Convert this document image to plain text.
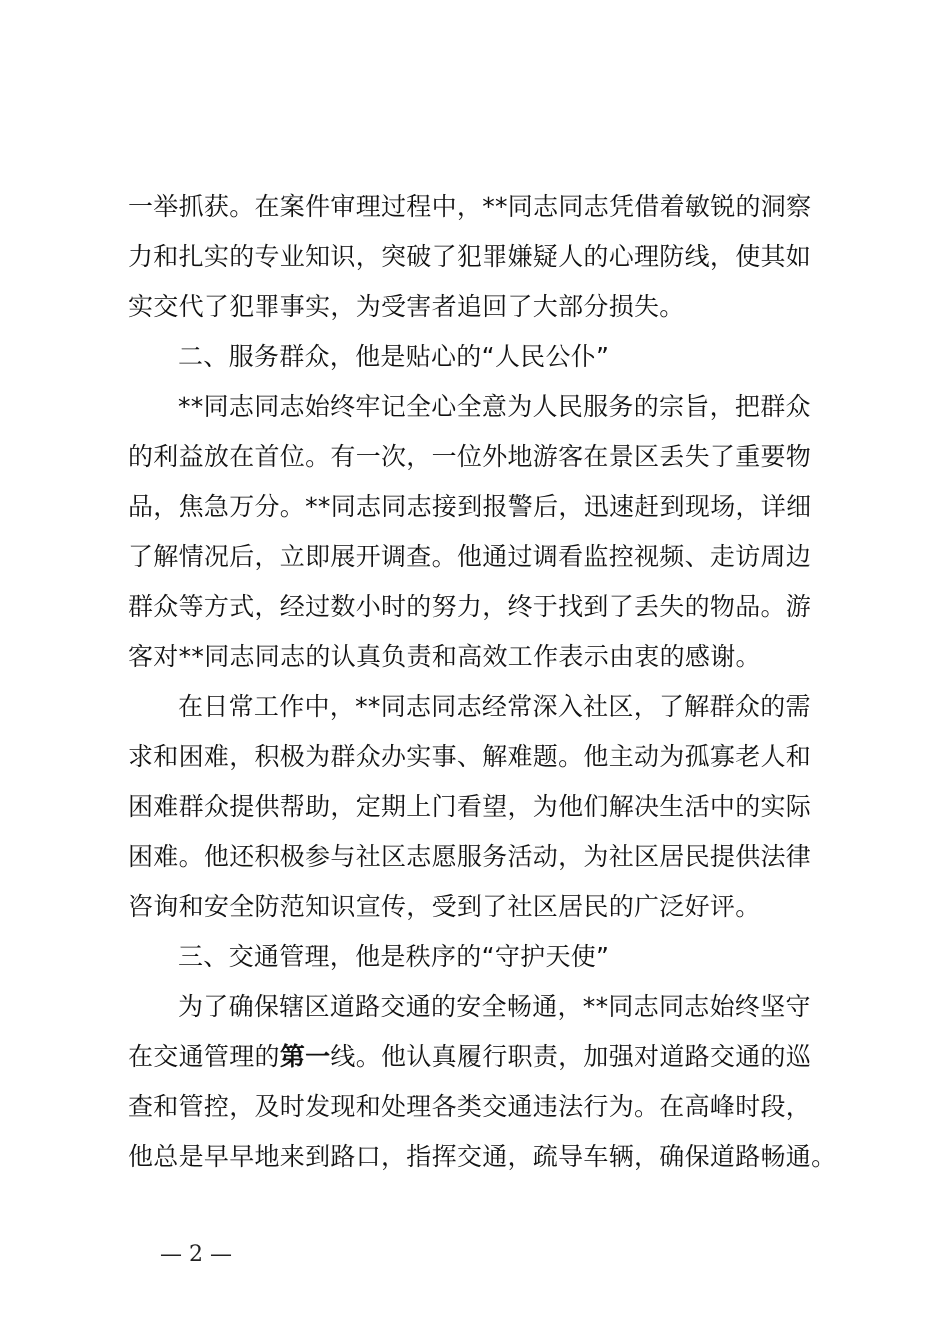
一举抓获。在案件审理过程中，**同志同志凭借着敏锐的洞察
力和扎实的专业知识，突破了犯罪嫌疑人的心理防线，使其如
实交代了犯罪事实，为受害者追回了大部分损失。
二、服务群众，他是贴心的“人民公仆”
**同志同志始终牢记全心全意为人民服务的宗旨，把群众
的利益放在首位。有一次，一位外地游客在景区丢失了重要物
品，焦急万分。**同志同志接到报警后，迅速赶到现场，详细
了解情况后，立即展开调查。他通过调看监控视频、走访周边
群众等方式，经过数小时的努力，终于找到了丢失的物品。游
客对**同志同志的认真负责和高效工作表示由衷的感谢。
在日常工作中，**同志同志经常深入社区，了解群众的需
求和困难，积极为群众办实事、解难题。他主动为孤寡老人和
困难群众提供帮助，定期上门看望，为他们解决生活中的实际
困难。他还积极参与社区志愿服务活动，为社区居民提供法律
咨询和安全防范知识宣传，受到了社区居民的广泛好评。
三、交通管理，他是秩序的“守护天使”
为了确保辖区道路交通的安全畅通，**同志同志始终坚守
在交通管理的第一线。他认真履行职责，加强对道路交通的巡
查和管控，及时发现和处理各类交通违法行为。在高峰时段，
他总是早早地来到路口，指挥交通，疏导车辆，确保道路畅通。
— 2 —
